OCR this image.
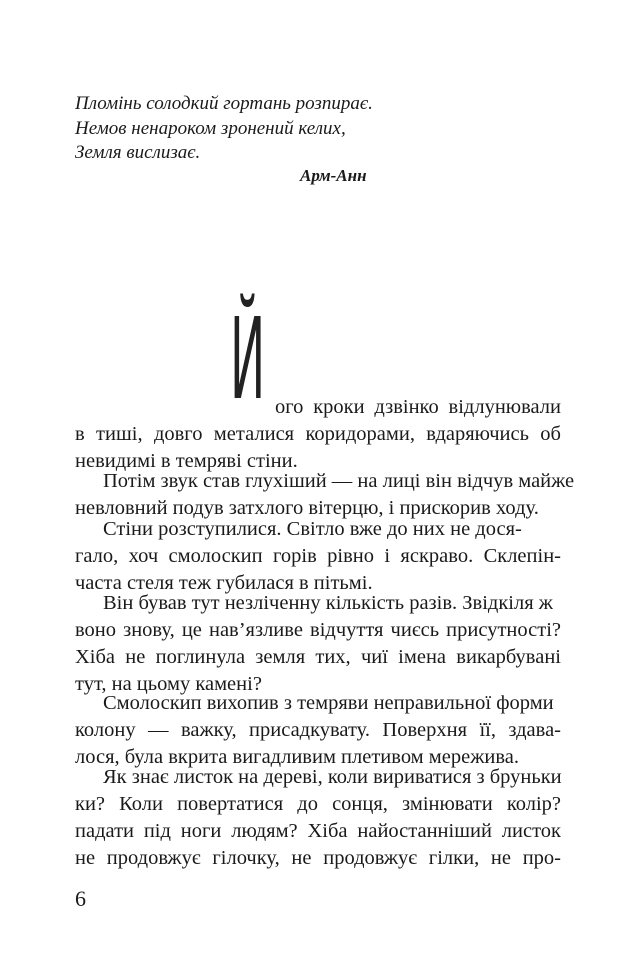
Пломінь солодкий гортань розпирає.
Немов ненароком зронений келих,
Земля вислизає.
Арм-Анн
Й ого кроки дзвінко відлунювали
в тиші, довго металися коридорами, вдаряючись об
невидимі в темряві стіни.
Потім звук став глухіший — на лиці він відчув майже
невловний подув затхлого вітерцю, і прискорив ходу.
Стіни розступилися. Світло вже до них не дося-
гало, хоч смолоскип горів рівно і яскраво. Склепін-
часта стеля теж губилася в пітьмі.
Він бував тут незліченну кількість разів. Звідкіля ж
воно знову, це нав’язливе відчуття чиєсь присутності?
Хіба не поглинула земля тих, чиї імена викарбувані
тут, на цьому камені?
Смолоскип вихопив з темряви неправильної форми
колону — важку, присадкувату. Поверхня її, здава-
лося, була вкрита вигадливим плетивом мережива.
Як знає листок на дереві, коли вириватися з бруньки
ки? Коли повертатися до сонця, змінювати колір?
падати під ноги людям? Хіба найостанніший листок
не продовжує гілочку, не продовжує гілки, не про-
6
